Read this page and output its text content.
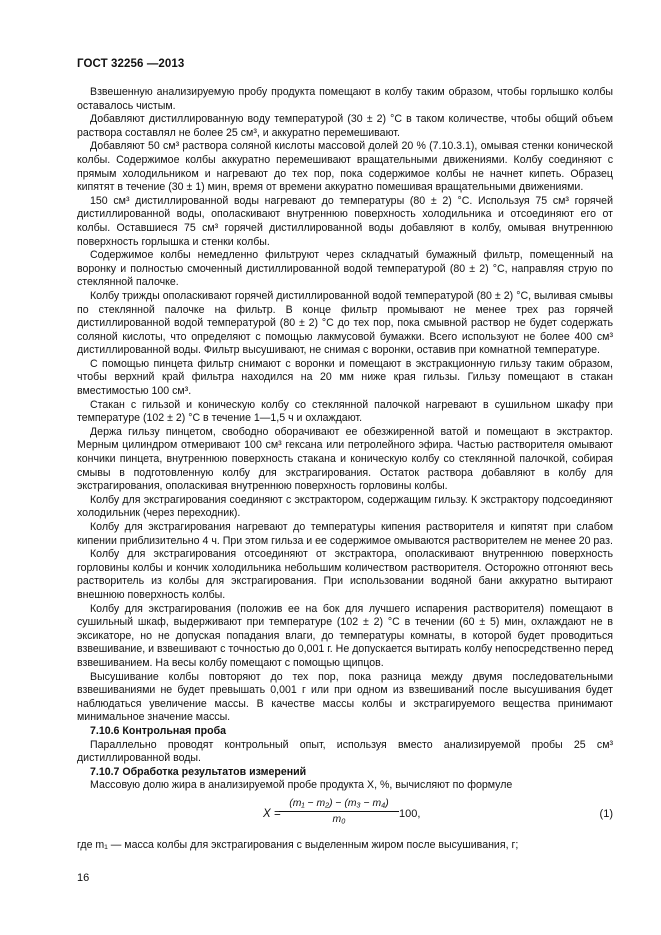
ГОСТ 32256 —2013

Взвешенную анализируемую пробу продукта помещают в колбу таким образом, чтобы горлышко колбы оставалось чистым.

Добавляют дистиллированную воду температурой (30 ± 2) °С в таком количестве, чтобы общий объем раствора составлял не более 25 см³, и аккуратно перемешивают.

Добавляют 50 см³ раствора соляной кислоты массовой долей 20 % (7.10.3.1), омывая стенки конической колбы. Содержимое колбы аккуратно перемешивают вращательными движениями. Колбу соединяют с прямым холодильником и нагревают до тех пор, пока содержимое колбы не начнет кипеть. Образец кипятят в течение (30 ± 1) мин, время от времени аккуратно помешивая вращательными движениями.

150 см³ дистиллированной воды нагревают до температуры (80 ± 2) °С. Используя 75 см³ горячей дистиллированной воды, ополаскивают внутреннюю поверхность холодильника и отсоединяют его от колбы. Оставшиеся 75 см³ горячей дистиллированной воды добавляют в колбу, омывая внутреннюю поверхность горлышка и стенки колбы.

Содержимое колбы немедленно фильтруют через складчатый бумажный фильтр, помещенный на воронку и полностью смоченный дистиллированной водой температурой (80 ± 2) °С, направляя струю по стеклянной палочке.

Колбу трижды ополаскивают горячей дистиллированной водой температурой (80 ± 2) °С, выливая смывы по стеклянной палочке на фильтр. В конце фильтр промывают не менее трех раз горячей дистиллированной водой температурой (80 ± 2) °С до тех пор, пока смывной раствор не будет содержать соляной кислоты, что определяют с помощью лакмусовой бумажки. Всего используют не более 400 см³ дистиллированной воды. Фильтр высушивают, не снимая с воронки, оставив при комнатной температуре.

С помощью пинцета фильтр снимают с воронки и помещают в экстракционную гильзу таким образом, чтобы верхний край фильтра находился на 20 мм ниже края гильзы. Гильзу помещают в стакан вместимостью 100 см³.

Стакан с гильзой и коническую колбу со стеклянной палочкой нагревают в сушильном шкафу при температуре (102 ± 2) °С в течение 1—1,5 ч и охлаждают.

Держа гильзу пинцетом, свободно оборачивают ее обезжиренной ватой и помещают в экстрактор. Мерным цилиндром отмеривают 100 см³ гексана или петролейного эфира. Частью растворителя омывают кончики пинцета, внутреннюю поверхность стакана и коническую колбу со стеклянной палочкой, собирая смывы в подготовленную колбу для экстрагирования. Остаток раствора добавляют в колбу для экстрагирования, ополаскивая внутреннюю поверхность горловины колбы.

Колбу для экстрагирования соединяют с экстрактором, содержащим гильзу. К экстрактору подсоединяют холодильник (через переходник).

Колбу для экстрагирования нагревают до температуры кипения растворителя и кипятят при слабом кипении приблизительно 4 ч. При этом гильза и ее содержимое омываются растворителем не менее 20 раз.

Колбу для экстрагирования отсоединяют от экстрактора, ополаскивают внутреннюю поверхность горловины колбы и кончик холодильника небольшим количеством растворителя. Осторожно отгоняют весь растворитель из колбы для экстрагирования. При использовании водяной бани аккуратно вытирают внешнюю поверхность колбы.

Колбу для экстрагирования (положив ее на бок для лучшего испарения растворителя) помещают в сушильный шкаф, выдерживают при температуре (102 ± 2) °С в течении (60 ± 5) мин, охлаждают не в эксикаторе, но не допуская попадания влаги, до температуры комнаты, в которой будет проводиться взвешивание, и взвешивают с точностью до 0,001 г. Не допускается вытирать колбу непосредственно перед взвешиванием. На весы колбу помещают с помощью щипцов.

Высушивание колбы повторяют до тех пор, пока разница между двумя последовательными взвешиваниями не будет превышать 0,001 г или при одном из взвешиваний после высушивания будет наблюдаться увеличение массы. В качестве массы колбы и экстрагируемого вещества принимают минимальное значение массы.

7.10.6 Контрольная проба

Параллельно проводят контрольный опыт, используя вместо анализируемой пробы 25 см³ дистиллированной воды.

7.10.7 Обработка результатов измерений

Массовую долю жира в анализируемой пробе продукта X, %, вычисляют по формуле

X =
$\frac{\text{(m₁ − m₂) − (m₃ − m₄)}}{\text{m₀}} 100$,	(1)

где m₁ — масса колбы для экстрагирования с выделенным жиром после высушивания, г;

16
